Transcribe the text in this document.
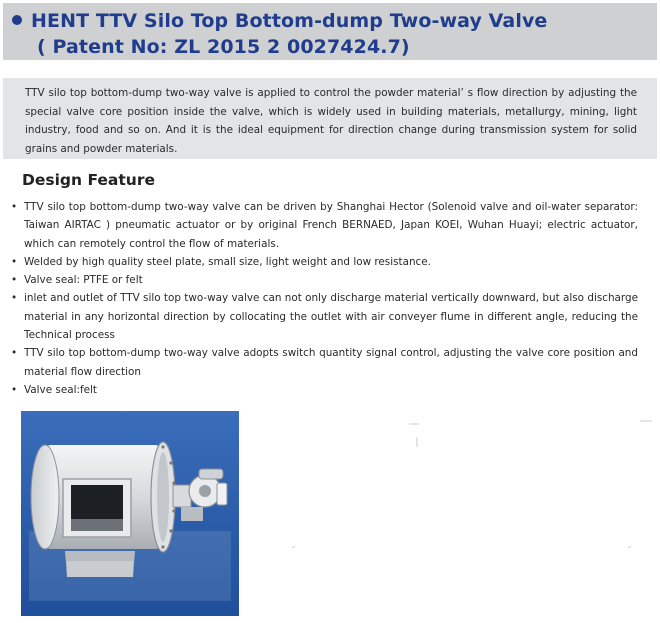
HENT TTV Silo Top Bottom-dump Two-way Valve
( Patent No: ZL 2015 2 0027424.7)

TTV silo top bottom-dump two-way valve is applied to control the powder material’ s flow direction by adjusting the special valve core position inside the valve, which is widely used in building materials, metallurgy, mining, light industry, food and so on. And it is the ideal equipment for direction change during transmission system for solid grains and powder materials.

Design Feature
• TTV silo top bottom-dump two-way valve can be driven by Shanghai Hector (Solenoid valve and oil-water separator: Taiwan AIRTAC ) pneumatic actuator or by original French BERNAED, Japan KOEI, Wuhan Huayi; electric actuator, which can remotely control the flow of materials.
• Welded by high quality steel plate, small size, light weight and low resistance.
• Valve seal: PTFE or felt
• inlet and outlet of TTV silo top two-way valve can not only discharge material vertically downward, but also discharge material in any horizontal direction by collocating the outlet with air conveyer flume in different angle, reducing the Technical process
• TTV silo top bottom-dump two-way valve adopts switch quantity signal control, adjusting the valve core position and material flow direction
• Valve seal:felt
